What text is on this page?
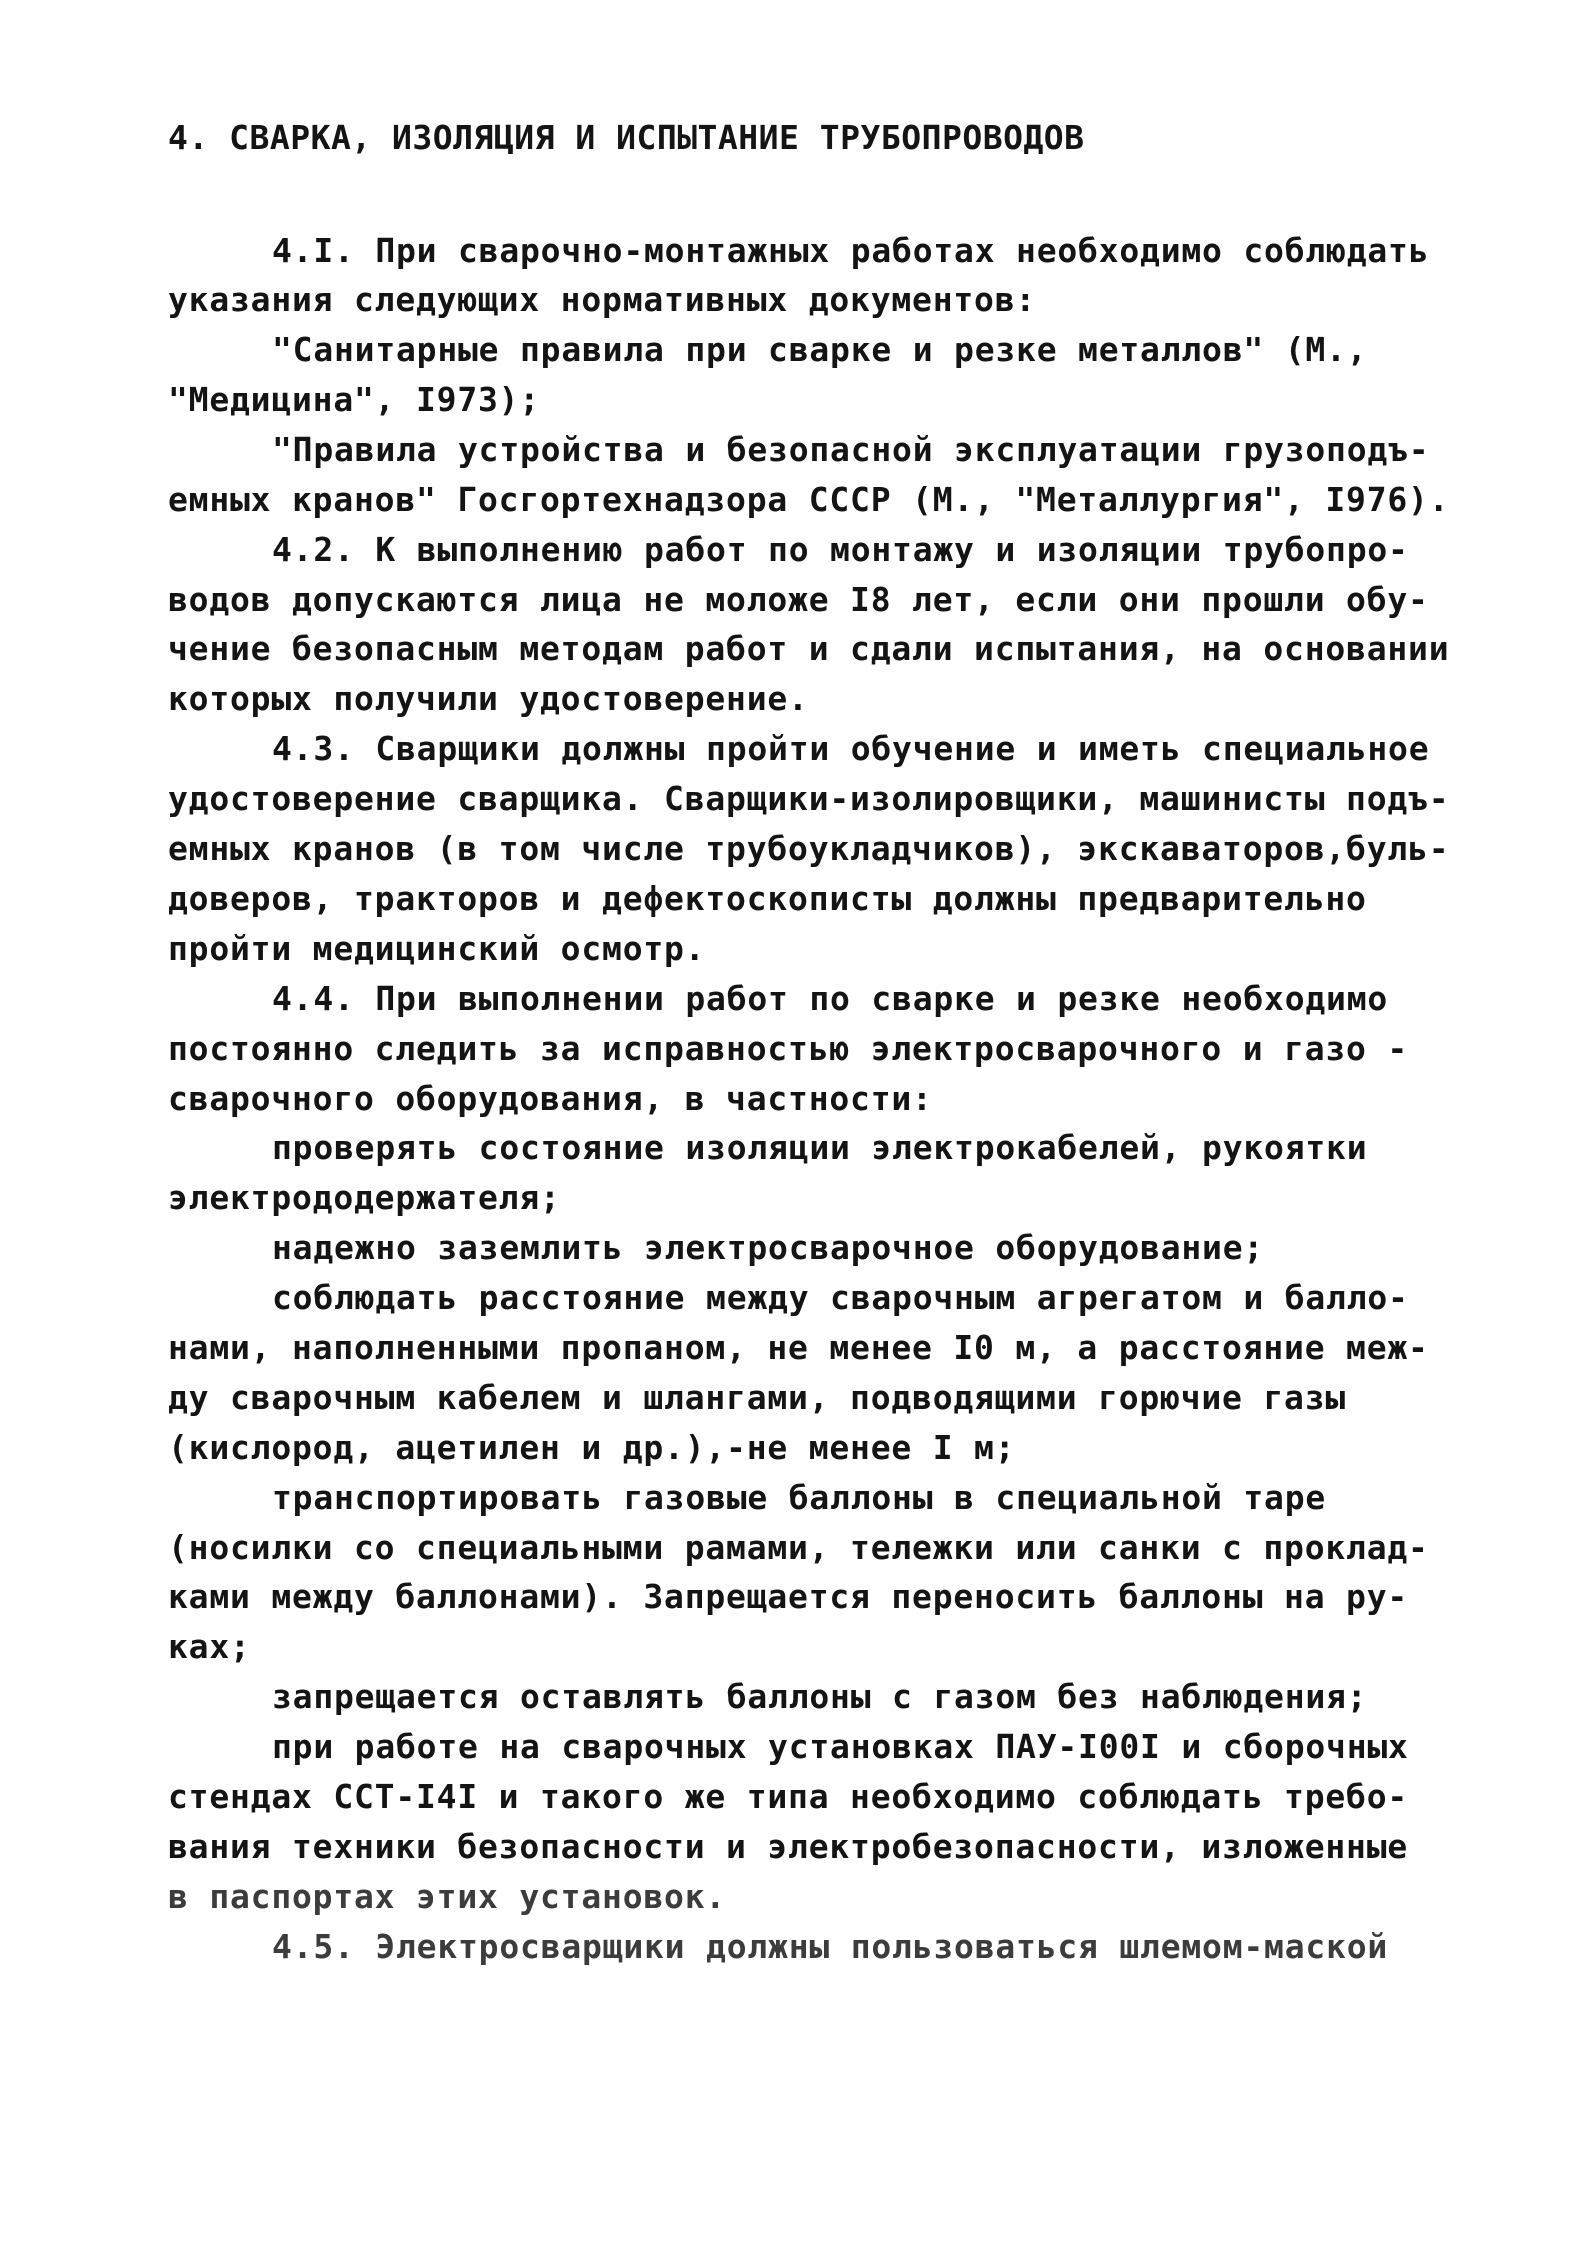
4. СВАРКА, ИЗОЛЯЦИЯ И ИСПЫТАНИЕ ТРУБОПРОВОДОВ
4.I. При сварочно-монтажных работах необходимо соблюдать
указания следующих нормативных документов:
"Санитарные правила при сварке и резке металлов" (М.,
"Медицина", I973);
"Правила устройства и безопасной эксплуатации грузоподъ-
емных кранов" Госгортехнадзора СССР (М., "Металлургия", I976).
4.2. К выполнению работ по монтажу и изоляции трубопро-
водов допускаются лица не моложе I8 лет, если они прошли обу-
чение безопасным методам работ и сдали испытания, на основании
которых получили удостоверение.
4.3. Сварщики должны пройти обучение и иметь специальное
удостоверение сварщика. Сварщики-изолировщики, машинисты подъ-
емных кранов (в том числе трубоукладчиков), экскаваторов,буль-
доверов, тракторов и дефектоскописты должны предварительно
пройти медицинский осмотр.
4.4. При выполнении работ по сварке и резке необходимо
постоянно следить за исправностью электросварочного и газо -
сварочного оборудования, в частности:
проверять состояние изоляции электрокабелей, рукоятки
электрододержателя;
надежно заземлить электросварочное оборудование;
соблюдать расстояние между сварочным агрегатом и балло-
нами, наполненными пропаном, не менее I0 м, а расстояние меж-
ду сварочным кабелем и шлангами, подводящими горючие газы
(кислород, ацетилен и др.),-не менее I м;
транспортировать газовые баллоны в специальной таре
(носилки со специальными рамами, тележки или санки с проклад-
ками между баллонами). Запрещается переносить баллоны на ру-
ках;
запрещается оставлять баллоны с газом без наблюдения;
при работе на сварочных установках ПАУ-I00I и сборочных
стендах ССТ-I4I и такого же типа необходимо соблюдать требо-
вания техники безопасности и электробезопасности, изложенные
в паспортах этих установок.
4.5. Электросварщики должны пользоваться шлемом-маской
